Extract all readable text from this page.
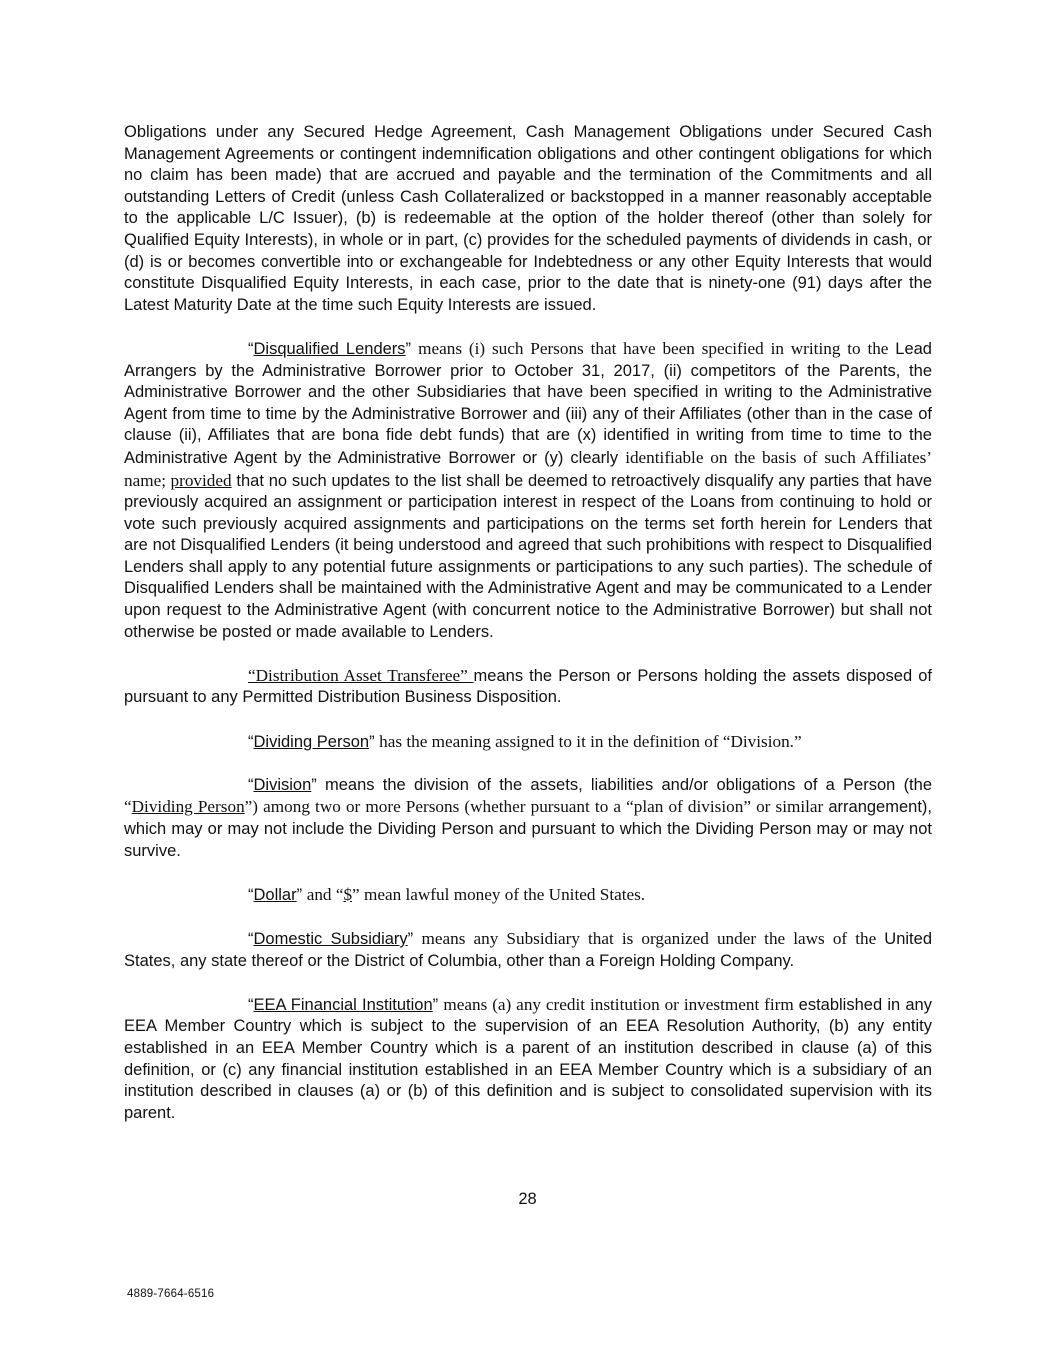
Obligations under any Secured Hedge Agreement, Cash Management Obligations under Secured Cash Management Agreements or contingent indemnification obligations and other contingent obligations for which no claim has been made) that are accrued and payable and the termination of the Commitments and all outstanding Letters of Credit (unless Cash Collateralized or backstopped in a manner reasonably acceptable to the applicable L/C Issuer), (b) is redeemable at the option of the holder thereof (other than solely for Qualified Equity Interests), in whole or in part, (c) provides for the scheduled payments of dividends in cash, or (d) is or becomes convertible into or exchangeable for Indebtedness or any other Equity Interests that would constitute Disqualified Equity Interests, in each case, prior to the date that is ninety-one (91) days after the Latest Maturity Date at the time such Equity Interests are issued.

“Disqualified Lenders” means (i) such Persons that have been specified in writing to the Lead Arrangers by the Administrative Borrower prior to October 31, 2017, (ii) competitors of the Parents, the Administrative Borrower and the other Subsidiaries that have been specified in writing to the Administrative Agent from time to time by the Administrative Borrower and (iii) any of their Affiliates (other than in the case of clause (ii), Affiliates that are bona fide debt funds) that are (x) identified in writing from time to time to the Administrative Agent by the Administrative Borrower or (y) clearly identifiable on the basis of such Affiliates’ name; provided that no such updates to the list shall be deemed to retroactively disqualify any parties that have previously acquired an assignment or participation interest in respect of the Loans from continuing to hold or vote such previously acquired assignments and participations on the terms set forth herein for Lenders that are not Disqualified Lenders (it being understood and agreed that such prohibitions with respect to Disqualified Lenders shall apply to any potential future assignments or participations to any such parties). The schedule of Disqualified Lenders shall be maintained with the Administrative Agent and may be communicated to a Lender upon request to the Administrative Agent (with concurrent notice to the Administrative Borrower) but shall not otherwise be posted or made available to Lenders.

“Distribution Asset Transferee” means the Person or Persons holding the assets disposed of pursuant to any Permitted Distribution Business Disposition.

“Dividing Person” has the meaning assigned to it in the definition of “Division.”

“Division” means the division of the assets, liabilities and/or obligations of a Person (the “Dividing Person”) among two or more Persons (whether pursuant to a “plan of division” or similar arrangement), which may or may not include the Dividing Person and pursuant to which the Dividing Person may or may not survive.

“Dollar” and “$” mean lawful money of the United States.

“Domestic Subsidiary” means any Subsidiary that is organized under the laws of the United States, any state thereof or the District of Columbia, other than a Foreign Holding Company.

“EEA Financial Institution” means (a) any credit institution or investment firm established in any EEA Member Country which is subject to the supervision of an EEA Resolution Authority, (b) any entity established in an EEA Member Country which is a parent of an institution described in clause (a) of this definition, or (c) any financial institution established in an EEA Member Country which is a subsidiary of an institution described in clauses (a) or (b) of this definition and is subject to consolidated supervision with its parent.

28
4889-7664-6516
